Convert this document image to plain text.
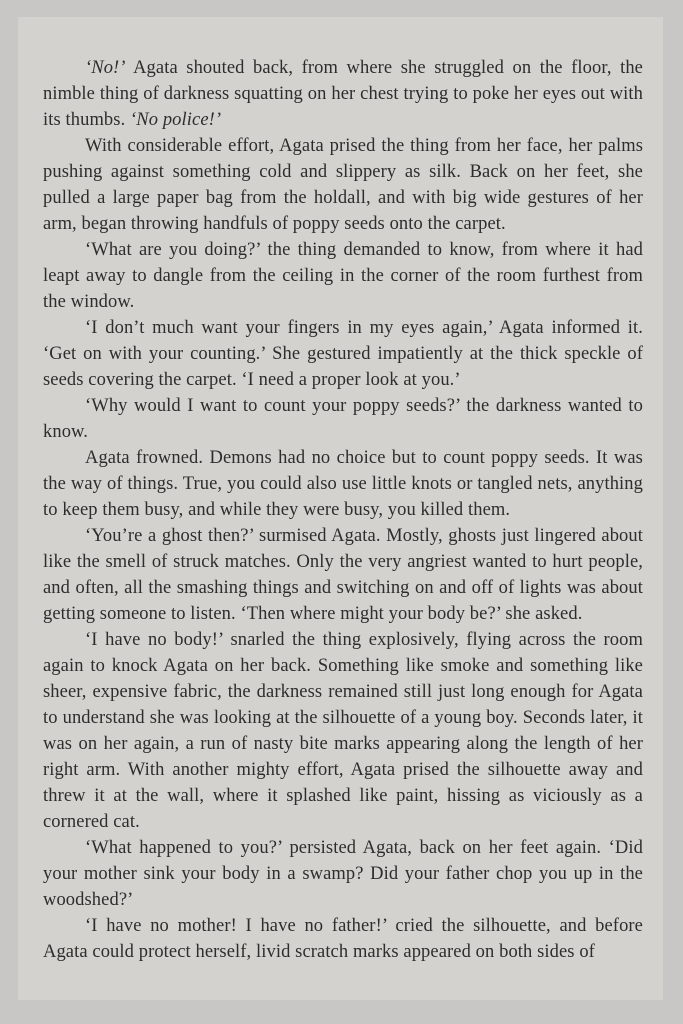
‘No!’ Agata shouted back, from where she struggled on the floor, the nimble thing of darkness squatting on her chest trying to poke her eyes out with its thumbs. ‘No police!’

With considerable effort, Agata prised the thing from her face, her palms pushing against something cold and slippery as silk. Back on her feet, she pulled a large paper bag from the holdall, and with big wide gestures of her arm, began throwing handfuls of poppy seeds onto the carpet.

‘What are you doing?’ the thing demanded to know, from where it had leapt away to dangle from the ceiling in the corner of the room furthest from the window.

‘I don’t much want your fingers in my eyes again,’ Agata informed it. ‘Get on with your counting.’ She gestured impatiently at the thick speckle of seeds covering the carpet. ‘I need a proper look at you.’

‘Why would I want to count your poppy seeds?’ the darkness wanted to know.

Agata frowned. Demons had no choice but to count poppy seeds. It was the way of things. True, you could also use little knots or tangled nets, anything to keep them busy, and while they were busy, you killed them.

‘You’re a ghost then?’ surmised Agata. Mostly, ghosts just lingered about like the smell of struck matches. Only the very angriest wanted to hurt people, and often, all the smashing things and switching on and off of lights was about getting someone to listen. ‘Then where might your body be?’ she asked.

‘I have no body!’ snarled the thing explosively, flying across the room again to knock Agata on her back. Something like smoke and something like sheer, expensive fabric, the darkness remained still just long enough for Agata to understand she was looking at the silhouette of a young boy. Seconds later, it was on her again, a run of nasty bite marks appearing along the length of her right arm. With another mighty effort, Agata prised the silhouette away and threw it at the wall, where it splashed like paint, hissing as viciously as a cornered cat.

‘What happened to you?’ persisted Agata, back on her feet again. ‘Did your mother sink your body in a swamp? Did your father chop you up in the woodshed?’

‘I have no mother! I have no father!’ cried the silhouette, and before Agata could protect herself, livid scratch marks appeared on both sides of
